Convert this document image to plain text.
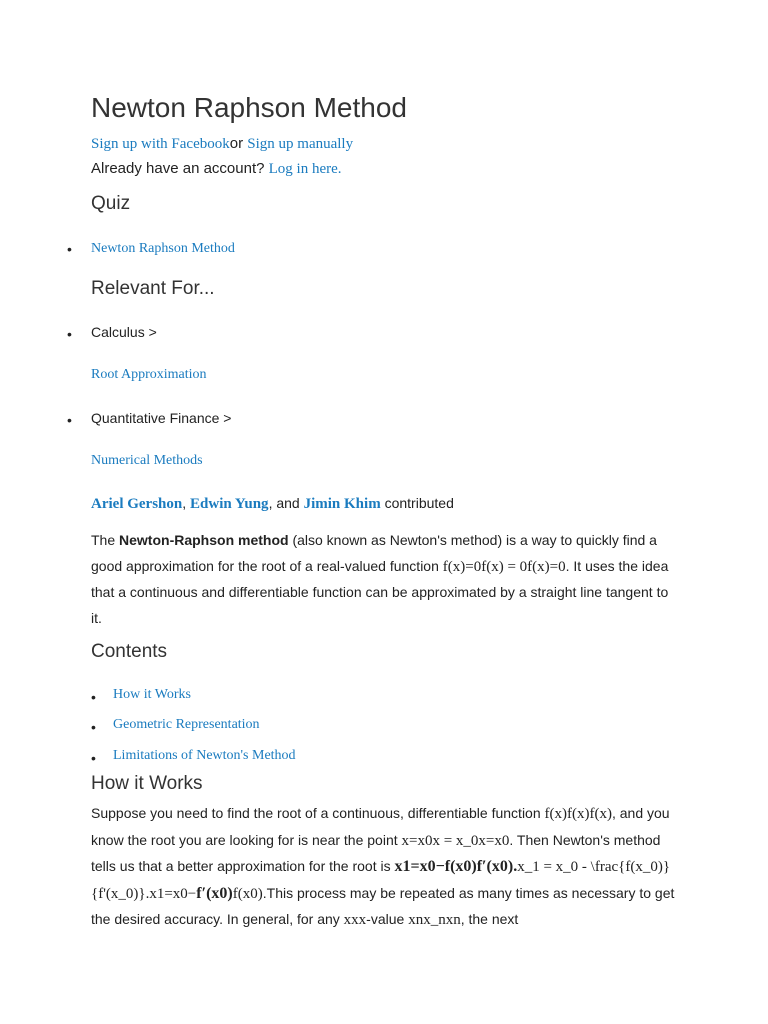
Newton Raphson Method
Sign up with Facebookor Sign up manually
Already have an account? Log in here.
Quiz
•
Newton Raphson Method
Relevant For...
•
Calculus >
Root Approximation
•
Quantitative Finance >
Numerical Methods
Ariel Gershon, Edwin Yung, and Jimin Khim contributed
The Newton-Raphson method (also known as Newton's method) is a way to quickly find a good approximation for the root of a real-valued function f(x)=0f(x) = 0f(x)=0. It uses the idea that a continuous and differentiable function can be approximated by a straight line tangent to it.
Contents
How it Works
Geometric Representation
Limitations of Newton's Method
How it Works
Suppose you need to find the root of a continuous, differentiable function f(x)f(x)f(x), and you know the root you are looking for is near the point x=x0x = x_0x=x0. Then Newton's method tells us that a better approximation for the root is x1=x0−f(x0)f′(x0).x_1 = x_0 - \frac{f(x_0)}{f'(x_0)}.x1=x0−f′(x0)f(x0).This process may be repeated as many times as necessary to get the desired accuracy. In general, for any xxx-value xnx_nxn, the next
